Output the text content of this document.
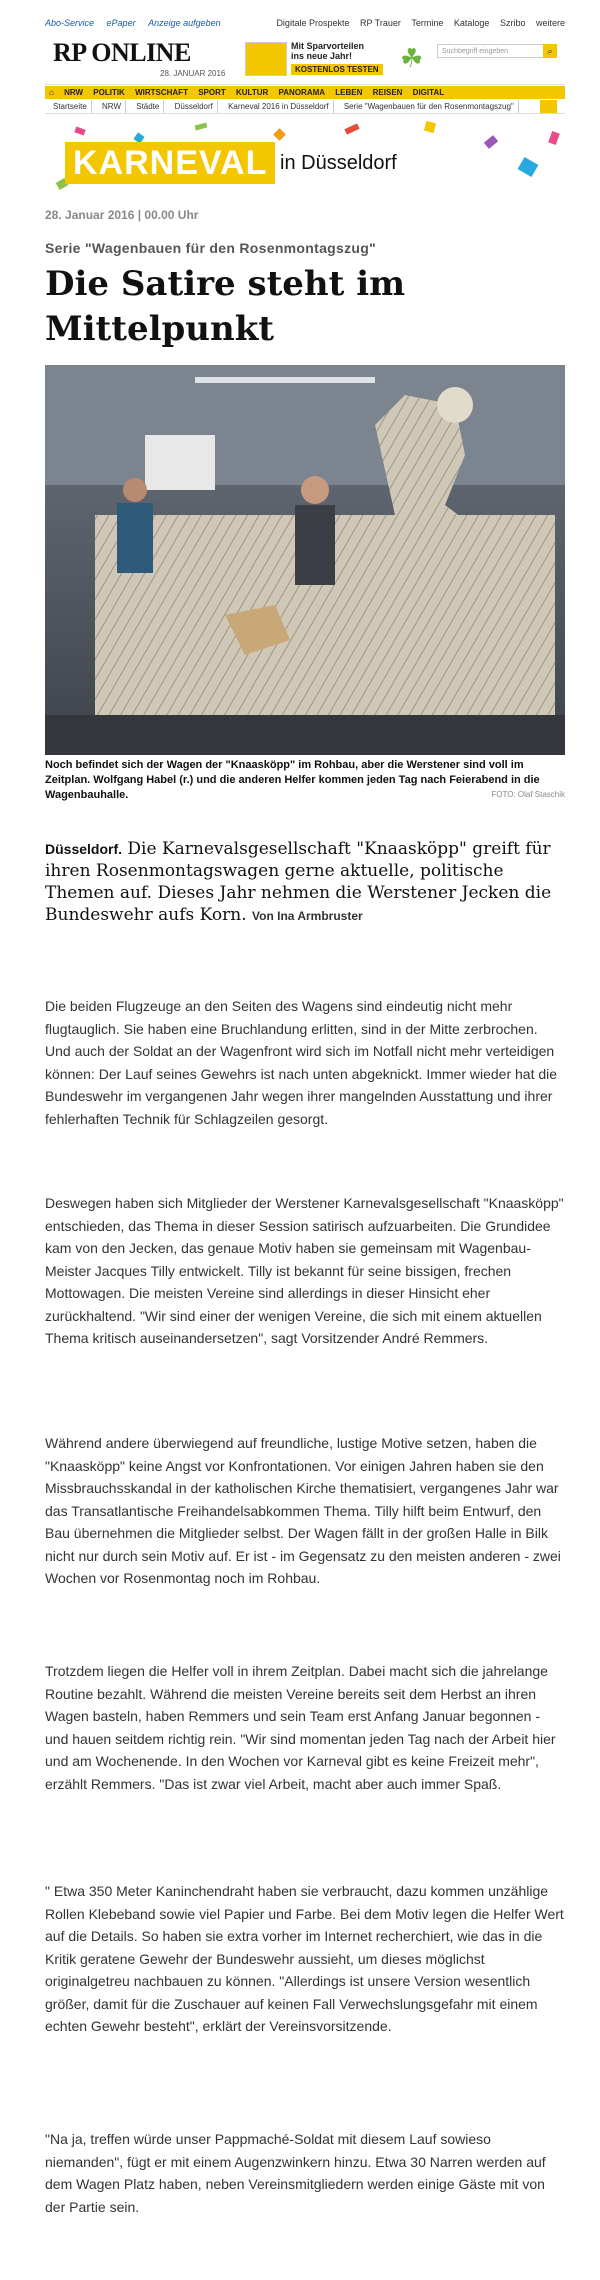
Abo-Service ePaper Anzeige aufgeben	Digitale Prospekte RP Trauer Termine Kataloge Szribo weitere
RP ONLINE
28. JANUAR 2016
Mit Sparvorteilen
ins neue Jahr!
KOSTENLOS TESTEN ☘	Suchbegriff eingeben	⌕
⌂ NRW POLITIK WIRTSCHAFT SPORT KULTUR PANORAMA LEBEN REISEN DIGITAL
Startseite NRW Städte Düsseldorf Karneval 2016 in Düsseldorf Serie "Wagenbauen für den Rosenmontagszug"
KARNEVAL in Düsseldorf
28. Januar 2016 | 00.00 Uhr
Serie "Wagenbauen für den Rosenmontagszug"
Die Satire steht im Mittelpunkt
Noch befindet sich der Wagen der "Knaasköpp" im Rohbau, aber die Werstener sind voll im Zeitplan. Wolfgang Habel (r.) und die anderen Helfer kommen jeden Tag nach Feierabend in die Wagenbauhalle.	FOTO: Olaf Staschik
Düsseldorf. Die Karnevalsgesellschaft "Knaasköpp" greift für ihren Rosenmontagswagen gerne aktuelle, politische Themen auf. Dieses Jahr nehmen die Werstener Jecken die Bundeswehr aufs Korn. Von Ina Armbruster
Die beiden Flugzeuge an den Seiten des Wagens sind eindeutig nicht mehr flugtauglich. Sie haben eine Bruchlandung erlitten, sind in der Mitte zerbrochen. Und auch der Soldat an der Wagenfront wird sich im Notfall nicht mehr verteidigen können: Der Lauf seines Gewehrs ist nach unten abgeknickt. Immer wieder hat die Bundeswehr im vergangenen Jahr wegen ihrer mangelnden Ausstattung und ihrer fehlerhaften Technik für Schlagzeilen gesorgt.
Deswegen haben sich Mitglieder der Werstener Karnevalsgesellschaft "Knaasköpp" entschieden, das Thema in dieser Session satirisch aufzuarbeiten. Die Grundidee kam von den Jecken, das genaue Motiv haben sie gemeinsam mit Wagenbau-Meister Jacques Tilly entwickelt. Tilly ist bekannt für seine bissigen, frechen Mottowagen. Die meisten Vereine sind allerdings in dieser Hinsicht eher zurückhaltend. "Wir sind einer der wenigen Vereine, die sich mit einem aktuellen Thema kritisch auseinandersetzen", sagt Vorsitzender André Remmers.
Während andere überwiegend auf freundliche, lustige Motive setzen, haben die "Knaasköpp" keine Angst vor Konfrontationen. Vor einigen Jahren haben sie den Missbrauchsskandal in der katholischen Kirche thematisiert, vergangenes Jahr war das Transatlantische Freihandelsabkommen Thema. Tilly hilft beim Entwurf, den Bau übernehmen die Mitglieder selbst. Der Wagen fällt in der großen Halle in Bilk nicht nur durch sein Motiv auf. Er ist - im Gegensatz zu den meisten anderen - zwei Wochen vor Rosenmontag noch im Rohbau.
Trotzdem liegen die Helfer voll in ihrem Zeitplan. Dabei macht sich die jahrelange Routine bezahlt. Während die meisten Vereine bereits seit dem Herbst an ihren Wagen basteln, haben Remmers und sein Team erst Anfang Januar begonnen - und hauen seitdem richtig rein. "Wir sind momentan jeden Tag nach der Arbeit hier und am Wochenende. In den Wochen vor Karneval gibt es keine Freizeit mehr", erzählt Remmers. "Das ist zwar viel Arbeit, macht aber auch immer Spaß.
" Etwa 350 Meter Kaninchendraht haben sie verbraucht, dazu kommen unzählige Rollen Klebeband sowie viel Papier und Farbe. Bei dem Motiv legen die Helfer Wert auf die Details. So haben sie extra vorher im Internet recherchiert, wie das in die Kritik geratene Gewehr der Bundeswehr aussieht, um dieses möglichst originalgetreu nachbauen zu können. "Allerdings ist unsere Version wesentlich größer, damit für die Zuschauer auf keinen Fall Verwechslungsgefahr mit einem echten Gewehr besteht", erklärt der Vereinsvorsitzende.
"Na ja, treffen würde unser Pappmaché-Soldat mit diesem Lauf sowieso niemanden", fügt er mit einem Augenzwinkern hinzu. Etwa 30 Narren werden auf dem Wagen Platz haben, neben Vereinsmitgliedern werden einige Gäste mit von der Partie sein.
